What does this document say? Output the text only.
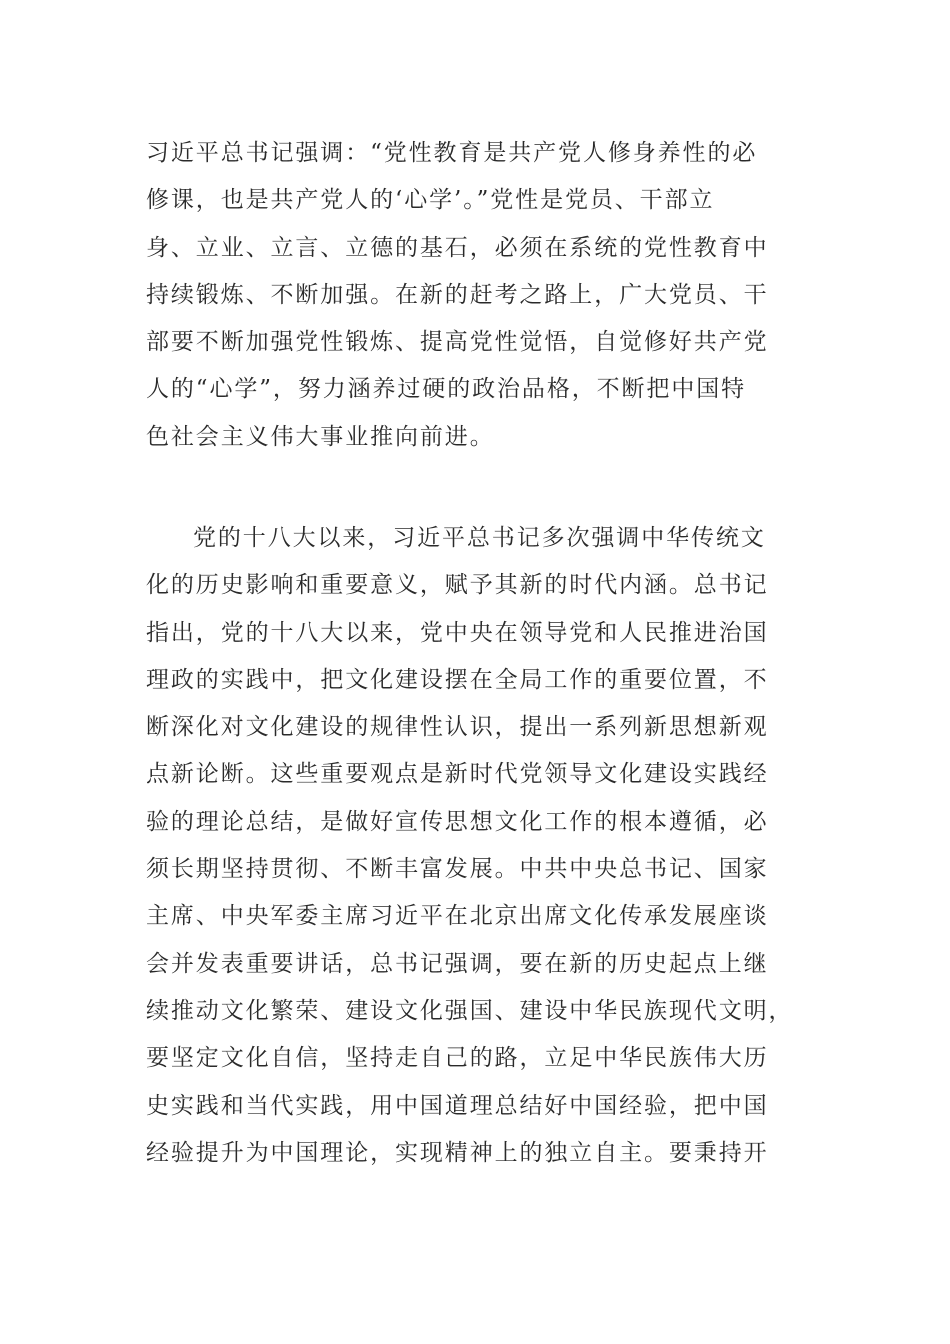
习近平总书记强调：“党性教育是共产党人修身养性的必
修课，也是共产党人的‘心学’。”党性是党员、干部立
身、立业、立言、立德的基石，必须在系统的党性教育中
持续锻炼、不断加强。在新的赶考之路上，广大党员、干
部要不断加强党性锻炼、提高党性觉悟，自觉修好共产党
人的“心学”，努力涵养过硬的政治品格，不断把中国特
色社会主义伟大事业推向前进。
党的十八大以来，习近平总书记多次强调中华传统文
化的历史影响和重要意义，赋予其新的时代内涵。总书记
指出，党的十八大以来，党中央在领导党和人民推进治国
理政的实践中，把文化建设摆在全局工作的重要位置，不
断深化对文化建设的规律性认识，提出一系列新思想新观
点新论断。这些重要观点是新时代党领导文化建设实践经
验的理论总结，是做好宣传思想文化工作的根本遵循，必
须长期坚持贯彻、不断丰富发展。中共中央总书记、国家
主席、中央军委主席习近平在北京出席文化传承发展座谈
会并发表重要讲话，总书记强调，要在新的历史起点上继
续推动文化繁荣、建设文化强国、建设中华民族现代文明，
要坚定文化自信，坚持走自己的路，立足中华民族伟大历
史实践和当代实践，用中国道理总结好中国经验，把中国
经验提升为中国理论，实现精神上的独立自主。要秉持开
